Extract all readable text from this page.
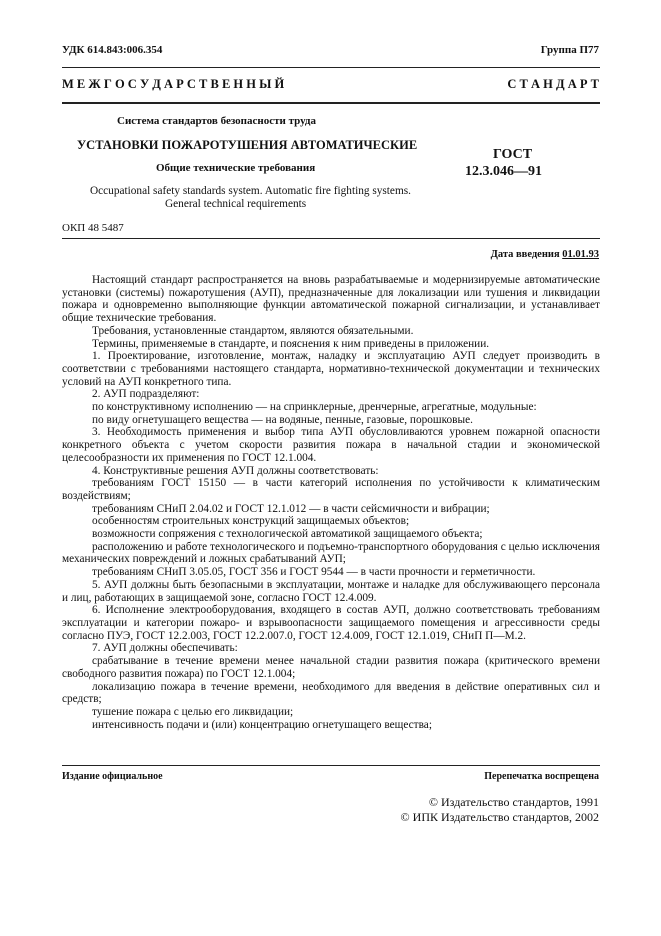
УДК 614.843:006.354	Группа П77
М Е Ж Г О С У Д А Р С Т В Е Н Н Ы Й	С Т А Н Д А Р Т
Система стандартов безопасности труда
УСТАНОВКИ ПОЖАРОТУШЕНИЯ АВТОМАТИЧЕСКИЕ
Общие технические требования
Occupational safety standards system. Automatic fire fighting systems.
General technical requirements
ГОСТ
12.3.046—91
ОКП 48 5487
Дата введения 01.01.93

Настоящий стандарт распространяется на вновь разрабатываемые и модернизируемые автоматические установки (системы) пожаротушения (АУП), предназначенные для локализации или тушения и ликвидации пожара и одновременно выполняющие функции автоматической пожарной сигнализации, и устанавливает общие технические требования.

Требования, установленные стандартом, являются обязательными.

Термины, применяемые в стандарте, и пояснения к ним приведены в приложении.

1. Проектирование, изготовление, монтаж, наладку и эксплуатацию АУП следует производить в соответствии с требованиями настоящего стандарта, нормативно-технической документации и технических условий на АУП конкретного типа.

2. АУП подразделяют:

по конструктивному исполнению — на спринклерные, дренчерные, агрегатные, модульные:

по виду огнетушащего вещества — на водяные, пенные, газовые, порошковые.

3. Необходимость применения и выбор типа АУП обусловливаются уровнем пожарной опасности конкретного объекта с учетом скорости развития пожара в начальной стадии и экономической целесообразности их применения по ГОСТ 12.1.004.

4. Конструктивные решения АУП должны соответствовать:

требованиям ГОСТ 15150 — в части категорий исполнения по устойчивости к климатическим воздействиям;

требованиям СНиП 2.04.02 и ГОСТ 12.1.012 — в части сейсмичности и вибрации;

особенностям строительных конструкций защищаемых объектов;

возможности сопряжения с технологической автоматикой защищаемого объекта;

расположению и работе технологического и подъемно-транспортного оборудования с целью исключения механических повреждений и ложных срабатываний АУП;

требованиям СНиП 3.05.05, ГОСТ 356 и ГОСТ 9544 — в части прочности и герметичности.

5. АУП должны быть безопасными в эксплуатации, монтаже и наладке для обслуживающего персонала и лиц, работающих в защищаемой зоне, согласно ГОСТ 12.4.009.

6. Исполнение электрооборудования, входящего в состав АУП, должно соответствовать требованиям эксплуатации и категории пожаро- и взрывоопасности защищаемого помещения и агрессивности среды согласно ПУЭ, ГОСТ 12.2.003, ГОСТ 12.2.007.0, ГОСТ 12.4.009, ГОСТ 12.1.019, СНиП П—М.2.

7. АУП должны обеспечивать:

срабатывание в течение времени менее начальной стадии развития пожара (критического времени свободного развития пожара) по ГОСТ 12.1.004;

локализацию пожара в течение времени, необходимого для введения в действие оперативных сил и средств;

тушение пожара с целью его ликвидации;

интенсивность подачи и (или) концентрацию огнетушащего вещества;

Издание официальное	Перепечатка воспрещена
© Издательство стандартов, 1991
© ИПК Издательство стандартов, 2002
